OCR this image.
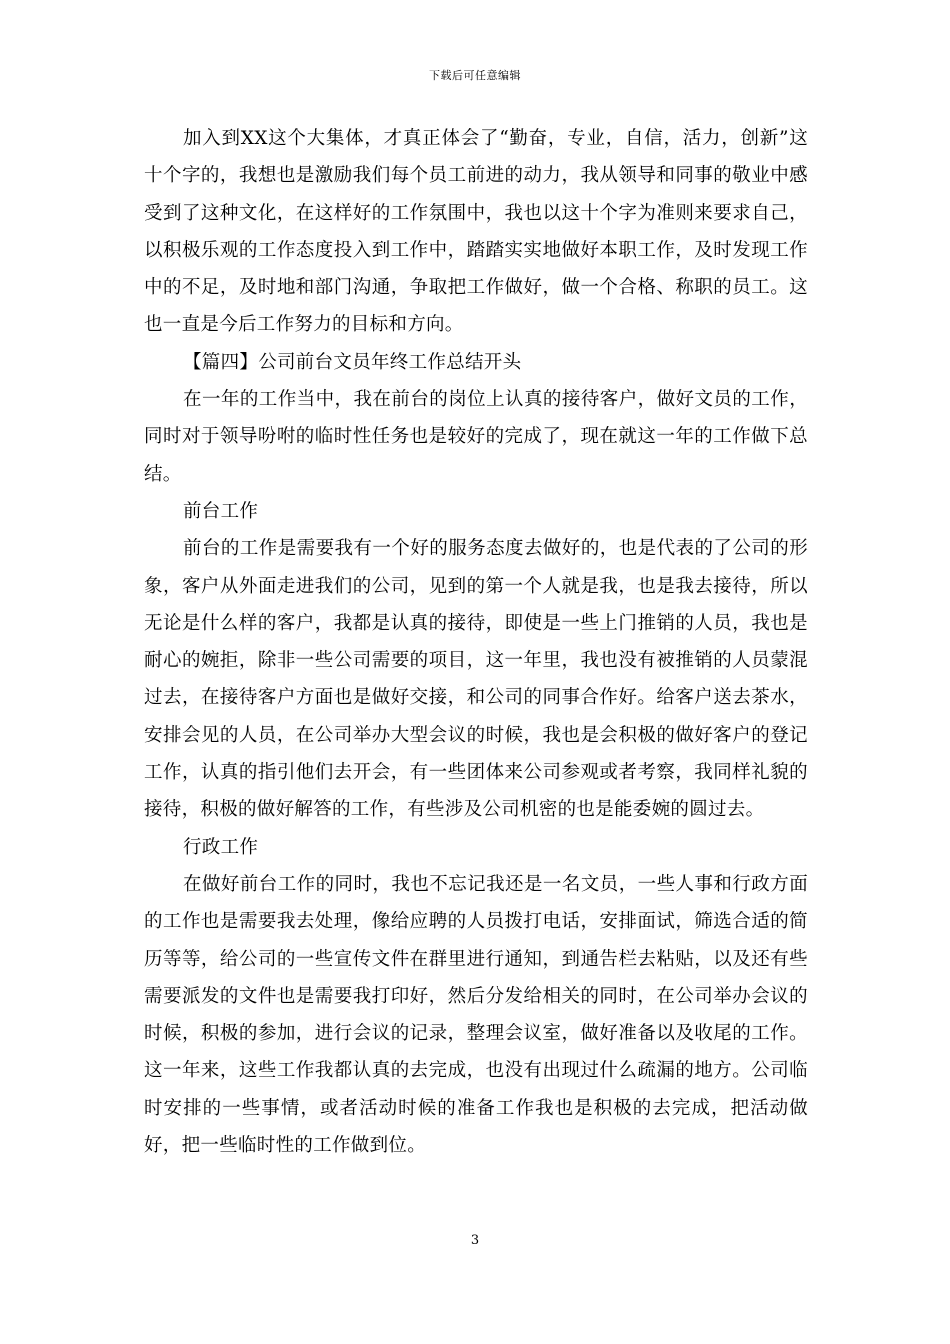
下载后可任意编辑

加入到XX这个大集体，才真正体会了“勤奋，专业，自信，活力，创新”这十个字的，我想也是激励我们每个员工前进的动力，我从领导和同事的敬业中感受到了这种文化，在这样好的工作氛围中，我也以这十个字为准则来要求自己，以积极乐观的工作态度投入到工作中，踏踏实实地做好本职工作，及时发现工作中的不足，及时地和部门沟通，争取把工作做好，做一个合格、称职的员工。这也一直是今后工作努力的目标和方向。

【篇四】公司前台文员年终工作总结开头

在一年的工作当中，我在前台的岗位上认真的接待客户，做好文员的工作，同时对于领导吩咐的临时性任务也是较好的完成了，现在就这一年的工作做下总结。

前台工作

前台的工作是需要我有一个好的服务态度去做好的，也是代表的了公司的形象，客户从外面走进我们的公司，见到的第一个人就是我，也是我去接待，所以无论是什么样的客户，我都是认真的接待，即使是一些上门推销的人员，我也是耐心的婉拒，除非一些公司需要的项目，这一年里，我也没有被推销的人员蒙混过去，在接待客户方面也是做好交接，和公司的同事合作好。给客户送去茶水，安排会见的人员，在公司举办大型会议的时候，我也是会积极的做好客户的登记工作，认真的指引他们去开会，有一些团体来公司参观或者考察，我同样礼貌的接待，积极的做好解答的工作，有些涉及公司机密的也是能委婉的圆过去。

行政工作

在做好前台工作的同时，我也不忘记我还是一名文员，一些人事和行政方面的工作也是需要我去处理，像给应聘的人员拨打电话，安排面试，筛选合适的简历等等，给公司的一些宣传文件在群里进行通知，到通告栏去粘贴，以及还有些需要派发的文件也是需要我打印好，然后分发给相关的同时，在公司举办会议的时候，积极的参加，进行会议的记录，整理会议室，做好准备以及收尾的工作。这一年来，这些工作我都认真的去完成，也没有出现过什么疏漏的地方。公司临时安排的一些事情，或者活动时候的准备工作我也是积极的去完成，把活动做好，把一些临时性的工作做到位。

3
